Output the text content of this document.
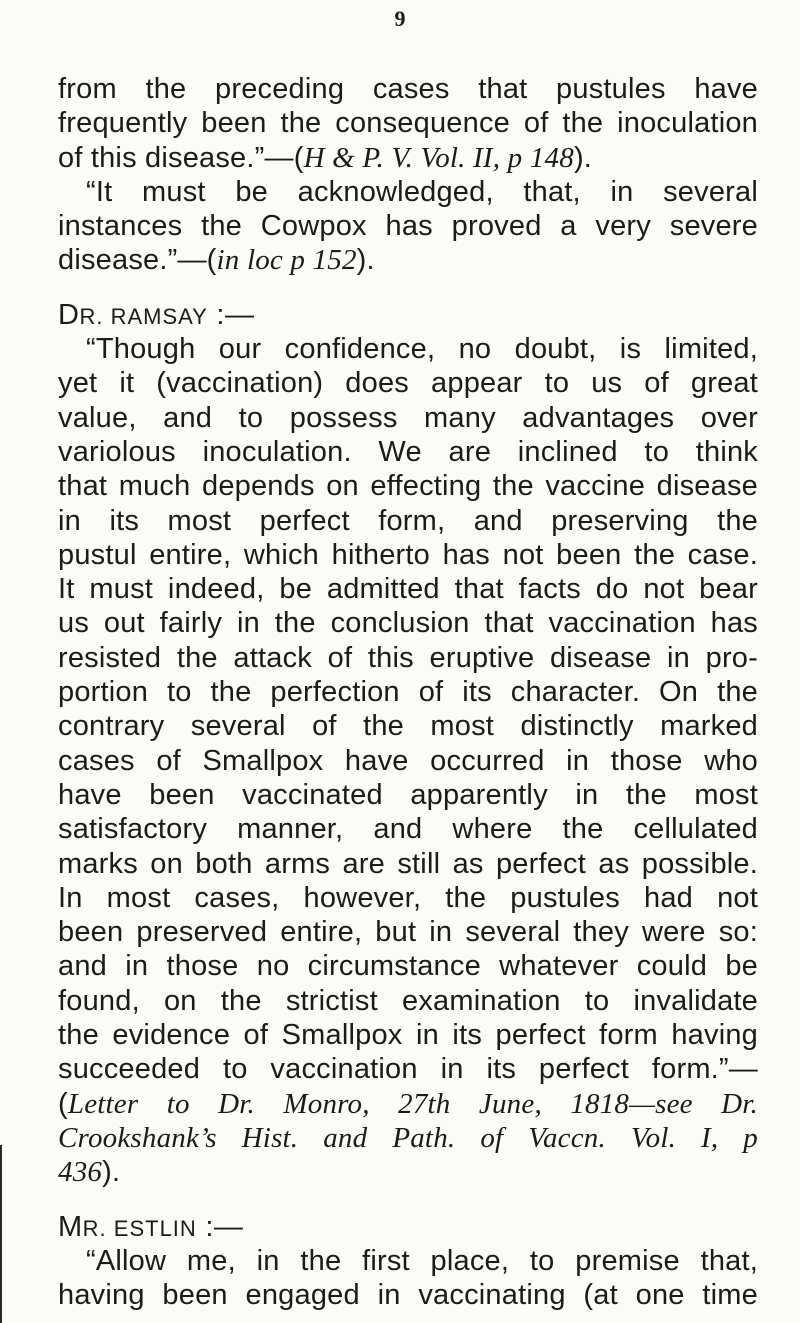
9
from the preceding cases that pustules have
frequently been the consequence of the inoculation
of this disease.”—(H & P. V. Vol. II, p 148).
“It must be acknowledged, that, in several
instances the Cowpox has proved a very severe
disease.”—(in loc p 152).
DR. RAMSAY :—
“Though our confidence, no doubt, is limited,
yet it (vaccination) does appear to us of great
value, and to possess many advantages over
variolous inoculation. We are inclined to think
that much depends on effecting the vaccine disease
in its most perfect form, and preserving the
pustul entire, which hitherto has not been the case.
It must indeed, be admitted that facts do not bear
us out fairly in the conclusion that vaccination has
resisted the attack of this eruptive disease in pro-
portion to the perfection of its character. On the
contrary several of the most distinctly marked
cases of Smallpox have occurred in those who
have been vaccinated apparently in the most
satisfactory manner, and where the cellulated
marks on both arms are still as perfect as possible.
In most cases, however, the pustules had not
been preserved entire, but in several they were so:
and in those no circumstance whatever could be
found, on the strictist examination to invalidate
the evidence of Smallpox in its perfect form having
succeeded to vaccination in its perfect form.”—
(Letter to Dr. Monro, 27th June, 1818—see Dr.
Crookshank’s Hist. and Path. of Vaccn. Vol. I, p
436).
MR. ESTLIN :—
“Allow me, in the first place, to premise that,
having been engaged in vaccinating (at one time
